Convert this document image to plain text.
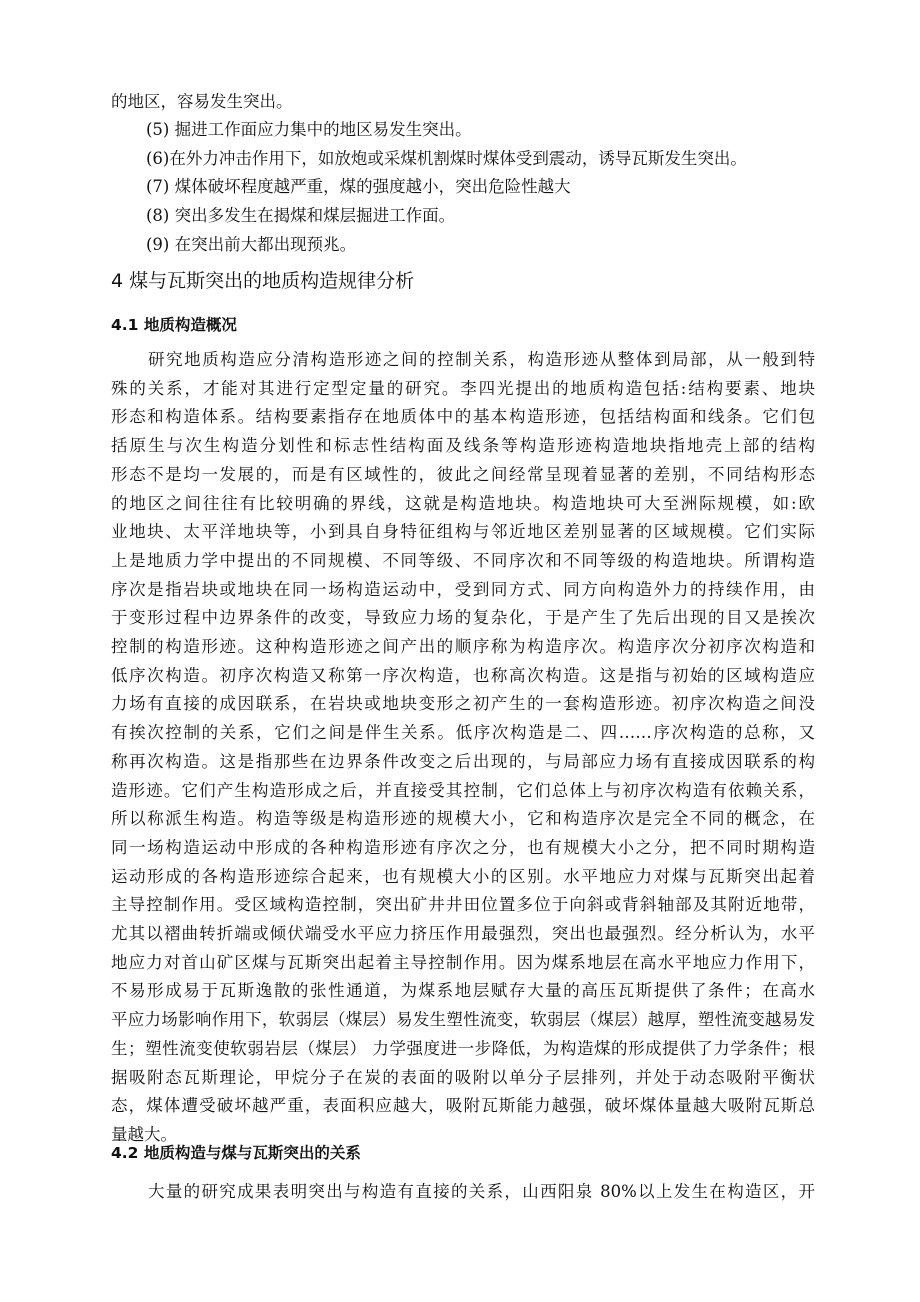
的地区，容易发生突出。
(5) 掘进工作面应力集中的地区易发生突出。
(6)在外力冲击作用下，如放炮或采煤机割煤时煤体受到震动，诱导瓦斯发生突出。
(7) 煤体破坏程度越严重，煤的强度越小，突出危险性越大
(8) 突出多发生在揭煤和煤层掘进工作面。
(9) 在突出前大都出现预兆。
4 煤与瓦斯突出的地质构造规律分析
4.1 地质构造概况
研究地质构造应分清构造形迹之间的控制关系，构造形迹从整体到局部，从一般到特
殊的关系，才能对其进行定型定量的研究。李四光提出的地质构造包括:结构要素、地块
形态和构造体系。结构要素指存在地质体中的基本构造形迹，包括结构面和线条。它们包
括原生与次生构造分划性和标志性结构面及线条等构造形迹构造地块指地壳上部的结构
形态不是均一发展的，而是有区域性的，彼此之间经常呈现着显著的差别，不同结构形态
的地区之间往往有比较明确的界线，这就是构造地块。构造地块可大至洲际规模，如:欧
业地块、太平洋地块等，小到具自身特征组构与邻近地区差别显著的区域规模。它们实际
上是地质力学中提出的不同规模、不同等级、不同序次和不同等级的构造地块。所谓构造
序次是指岩块或地块在同一场构造运动中，受到同方式、同方向构造外力的持续作用，由
于变形过程中边界条件的改变，导致应力场的复杂化，于是产生了先后出现的目又是挨次
控制的构造形迹。这种构造形迹之间产出的顺序称为构造序次。构造序次分初序次构造和
低序次构造。初序次构造又称第一序次构造，也称高次构造。这是指与初始的区域构造应
力场有直接的成因联系，在岩块或地块变形之初产生的一套构造形迹。初序次构造之间没
有挨次控制的关系，它们之间是伴生关系。低序次构造是二、四……序次构造的总称，又
称再次构造。这是指那些在边界条件改变之后出现的，与局部应力场有直接成因联系的构
造形迹。它们产生构造形成之后，并直接受其控制，它们总体上与初序次构造有依赖关系，
所以称派生构造。构造等级是构造形迹的规模大小，它和构造序次是完全不同的概念，在
同一场构造运动中形成的各种构造形迹有序次之分，也有规模大小之分，把不同时期构造
运动形成的各构造形迹综合起来，也有规模大小的区别。水平地应力对煤与瓦斯突出起着
主导控制作用。受区域构造控制，突出矿井井田位置多位于向斜或背斜轴部及其附近地带，
尤其以褶曲转折端或倾伏端受水平应力挤压作用最强烈，突出也最强烈。经分析认为，水平
地应力对首山矿区煤与瓦斯突出起着主导控制作用。因为煤系地层在高水平地应力作用下，
不易形成易于瓦斯逸散的张性通道，为煤系地层赋存大量的高压瓦斯提供了条件；在高水
平应力场影响作用下，软弱层（煤层）易发生塑性流变，软弱层（煤层）越厚，塑性流变越易发
生；塑性流变使软弱岩层（煤层） 力学强度进一步降低，为构造煤的形成提供了力学条件；根
据吸附态瓦斯理论，甲烷分子在炭的表面的吸附以单分子层排列，并处于动态吸附平衡状
态，煤体遭受破坏越严重，表面积应越大，吸附瓦斯能力越强，破坏煤体量越大吸附瓦斯总
量越大。
4.2 地质构造与煤与瓦斯突出的关系
大量的研究成果表明突出与构造有直接的关系，山西阳泉 80%以上发生在构造区，开
